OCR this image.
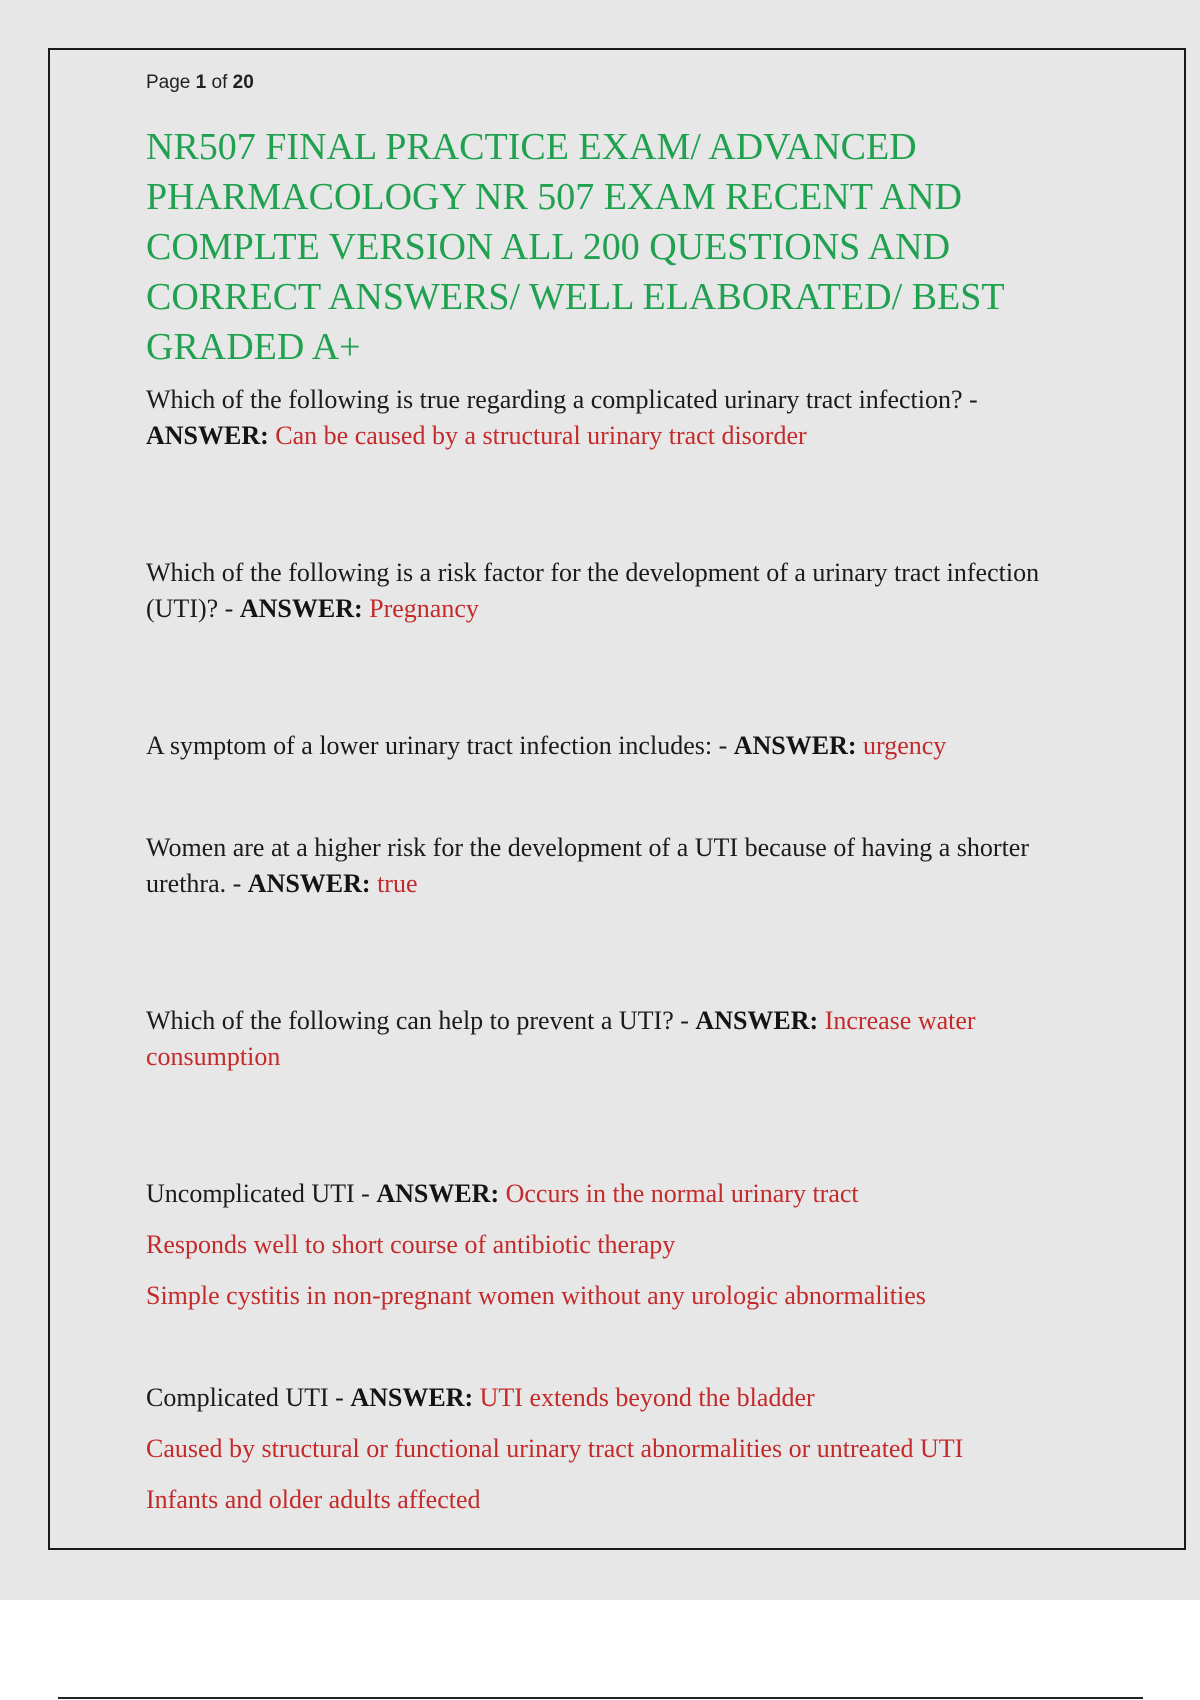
Page 1 of 20
NR507 FINAL PRACTICE EXAM/ ADVANCED PHARMACOLOGY NR 507 EXAM RECENT AND COMPLTE VERSION ALL 200 QUESTIONS AND CORRECT ANSWERS/ WELL ELABORATED/ BEST GRADED A+
Which of the following is true regarding a complicated urinary tract infection? - ANSWER: Can be caused by a structural urinary tract disorder
Which of the following is a risk factor for the development of a urinary tract infection (UTI)? - ANSWER: Pregnancy
A symptom of a lower urinary tract infection includes: - ANSWER: urgency
Women are at a higher risk for the development of a UTI because of having a shorter urethra. - ANSWER: true
Which of the following can help to prevent a UTI? - ANSWER: Increase water consumption
Uncomplicated UTI - ANSWER: Occurs in the normal urinary tract
Responds well to short course of antibiotic therapy
Simple cystitis in non-pregnant women without any urologic abnormalities
Complicated UTI - ANSWER: UTI extends beyond the bladder
Caused by structural or functional urinary tract abnormalities or untreated UTI
Infants and older adults affected
